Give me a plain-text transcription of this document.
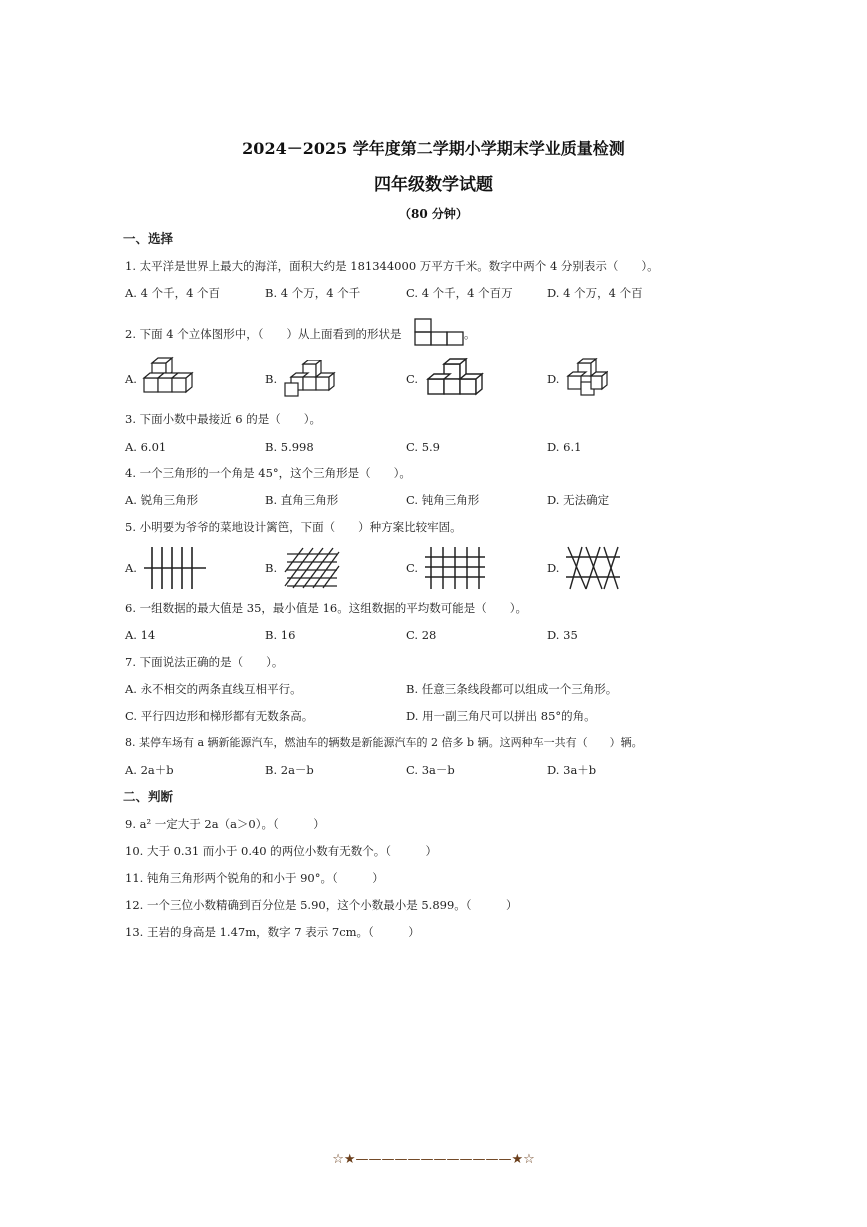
2024－2025 学年度第二学期小学期末学业质量检测
四年级数学试题
（80 分钟）
一、选择
1. 太平洋是世界上最大的海洋，面积大约是 181344000 万平方千米。数字中两个 4 分别表示（　　）。
A. 4 个千，4 个百	B. 4 个万，4 个千	C. 4 个千，4 个百万	D. 4 个万，4 个百
2. 下面 4 个立体图形中，（　　）从上面看到的形状是	。
A.	B.	C.	D.
3. 下面小数中最接近 6 的是（　　）。
A. 6.01	B. 5.998	C. 5.9	D. 6.1
4. 一个三角形的一个角是 45°，这个三角形是（　　）。
A. 锐角三角形	B. 直角三角形	C. 钝角三角形	D. 无法确定
5. 小明要为爷爷的菜地设计篱笆，下面（　　）种方案比较牢固。
A.	B.	C.	D.
6. 一组数据的最大值是 35，最小值是 16。这组数据的平均数可能是（　　）。
A. 14	B. 16	C. 28	D. 35
7. 下面说法正确的是（　　）。
A. 永不相交的两条直线互相平行。	B. 任意三条线段都可以组成一个三角形。
C. 平行四边形和梯形都有无数条高。	D. 用一副三角尺可以拼出 85°的角。
8. 某停车场有 a 辆新能源汽车，燃油车的辆数是新能源汽车的 2 倍多 b 辆。这两种车一共有（　　）辆。
A. 2a＋b	B. 2a－b	C. 3a－b	D. 3a＋b
二、判断
9. a² 一定大于 2a（a＞0）。（　　　）
10. 大于 0.31 而小于 0.40 的两位小数有无数个。（　　　）
11. 钝角三角形两个锐角的和小于 90°。（　　　）
12. 一个三位小数精确到百分位是 5.90，这个小数最小是 5.899。（　　　）
13. 王岩的身高是 1.47m，数字 7 表示 7cm。（　　　）
☆★————————————★☆
